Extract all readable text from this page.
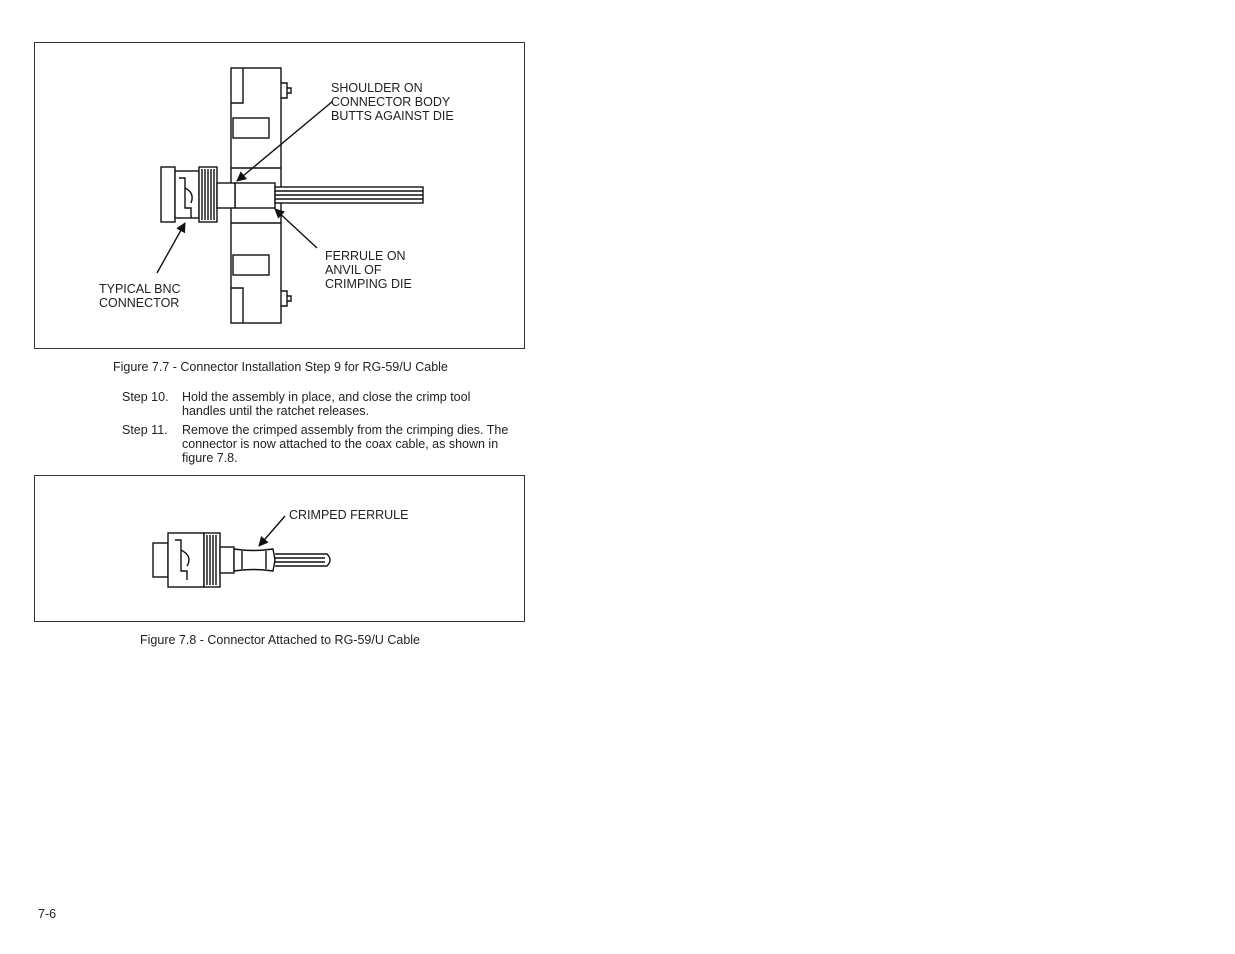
SHOULDER ON
CONNECTOR BODY
BUTTS AGAINST DIE
FERRULE ON
ANVIL OF
CRIMPING DIE
TYPICAL BNC
CONNECTOR
Figure 7.7 - Connector Installation Step 9 for RG-59/U Cable
Step 10. Hold the assembly in place, and close the crimp tool handles until the ratchet releases.
Step 11. Remove the crimped assembly from the crimping dies. The connector is now attached to the coax cable, as shown in figure 7.8.
CRIMPED FERRULE
Figure 7.8 - Connector Attached to RG-59/U Cable
7-6
